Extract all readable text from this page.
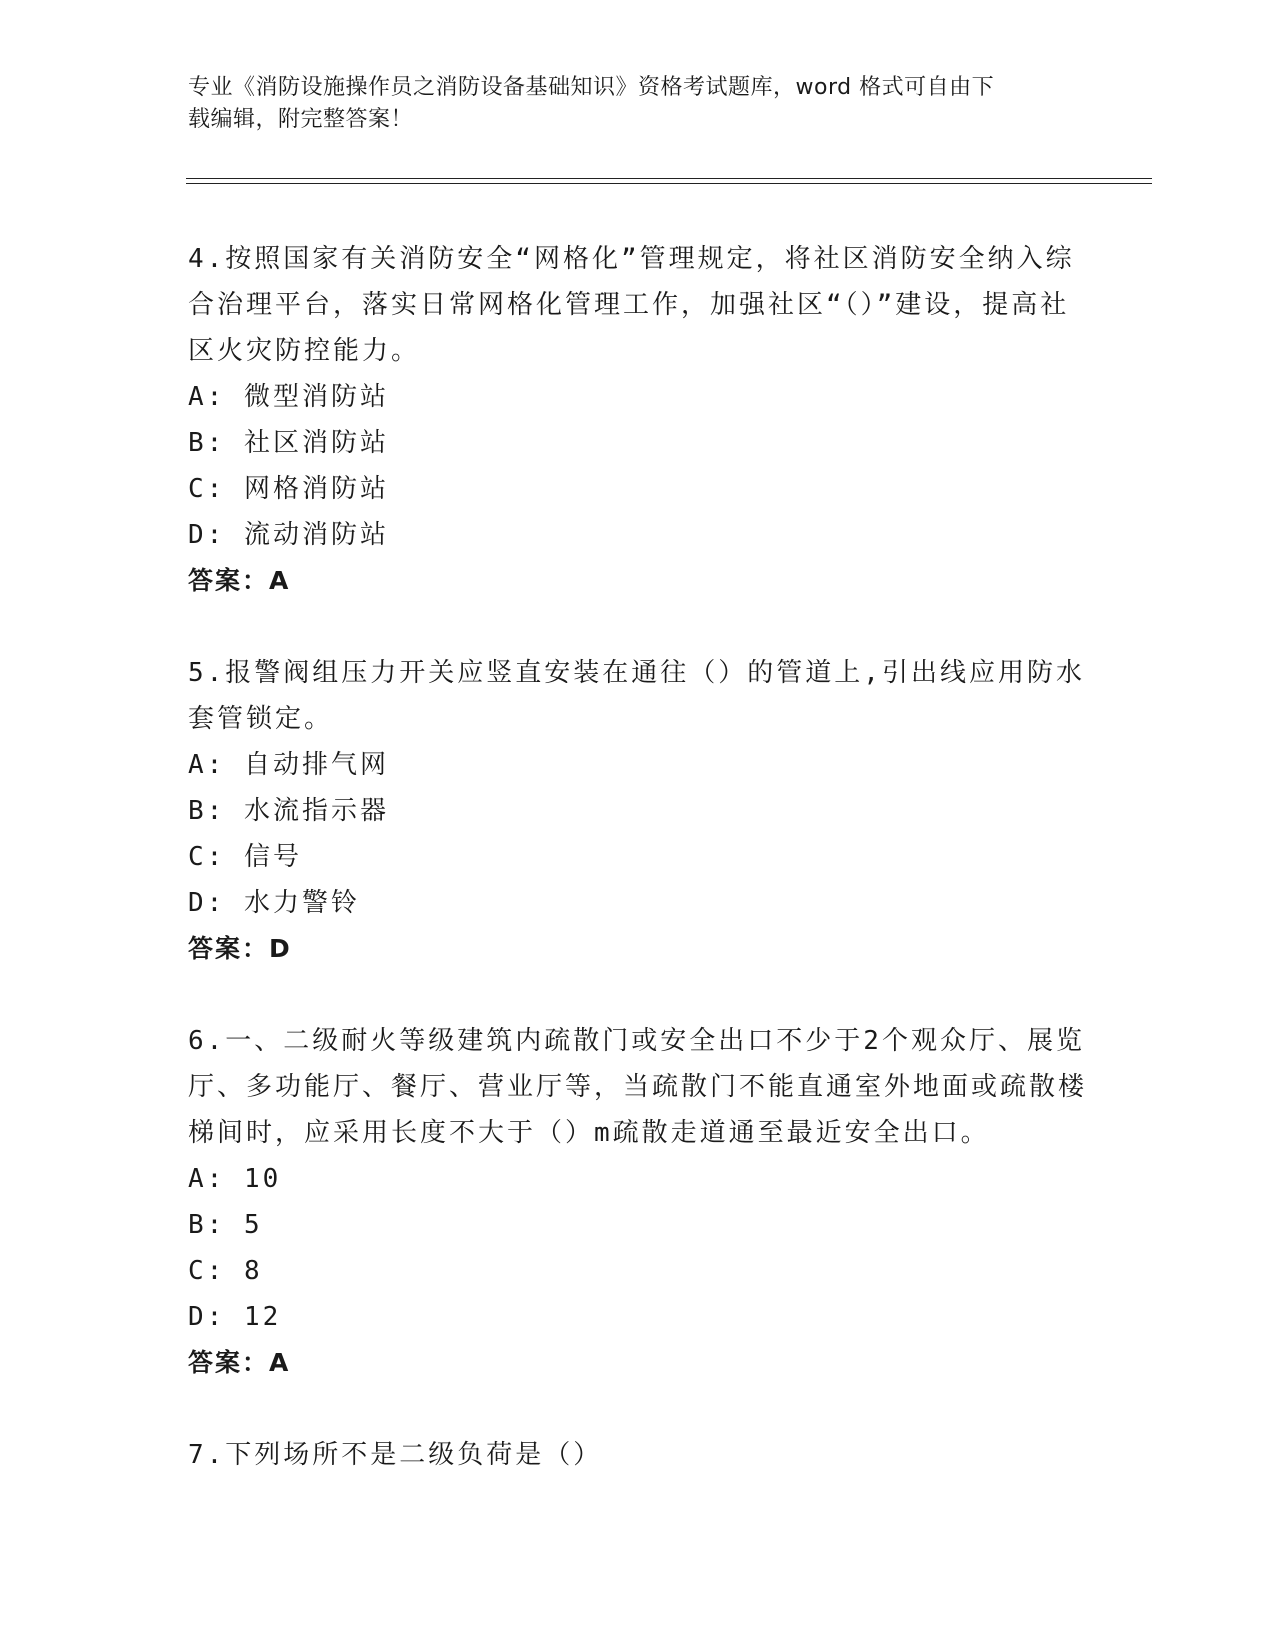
专业《消防设施操作员之消防设备基础知识》资格考试题库，word 格式可自由下
载编辑，附完整答案！

4.按照国家有关消防安全“网格化”管理规定，将社区消防安全纳入综合治理平台，落实日常网格化管理工作，加强社区“（）”建设，提高社区火灾防控能力。

A: 微型消防站

B: 社区消防站

C: 网格消防站

D: 流动消防站

答案：A

5.报警阀组压力开关应竖直安装在通往（）的管道上,引出线应用防水套管锁定。

A: 自动排气网

B: 水流指示器

C: 信号

D: 水力警铃

答案：D

6.一、二级耐火等级建筑内疏散门或安全出口不少于2个观众厅、展览厅、多功能厅、餐厅、营业厅等，当疏散门不能直通室外地面或疏散楼梯间时，应采用长度不大于（）m疏散走道通至最近安全出口。

A: 10

B: 5

C: 8

D: 12

答案：A

7.下列场所不是二级负荷是（）
